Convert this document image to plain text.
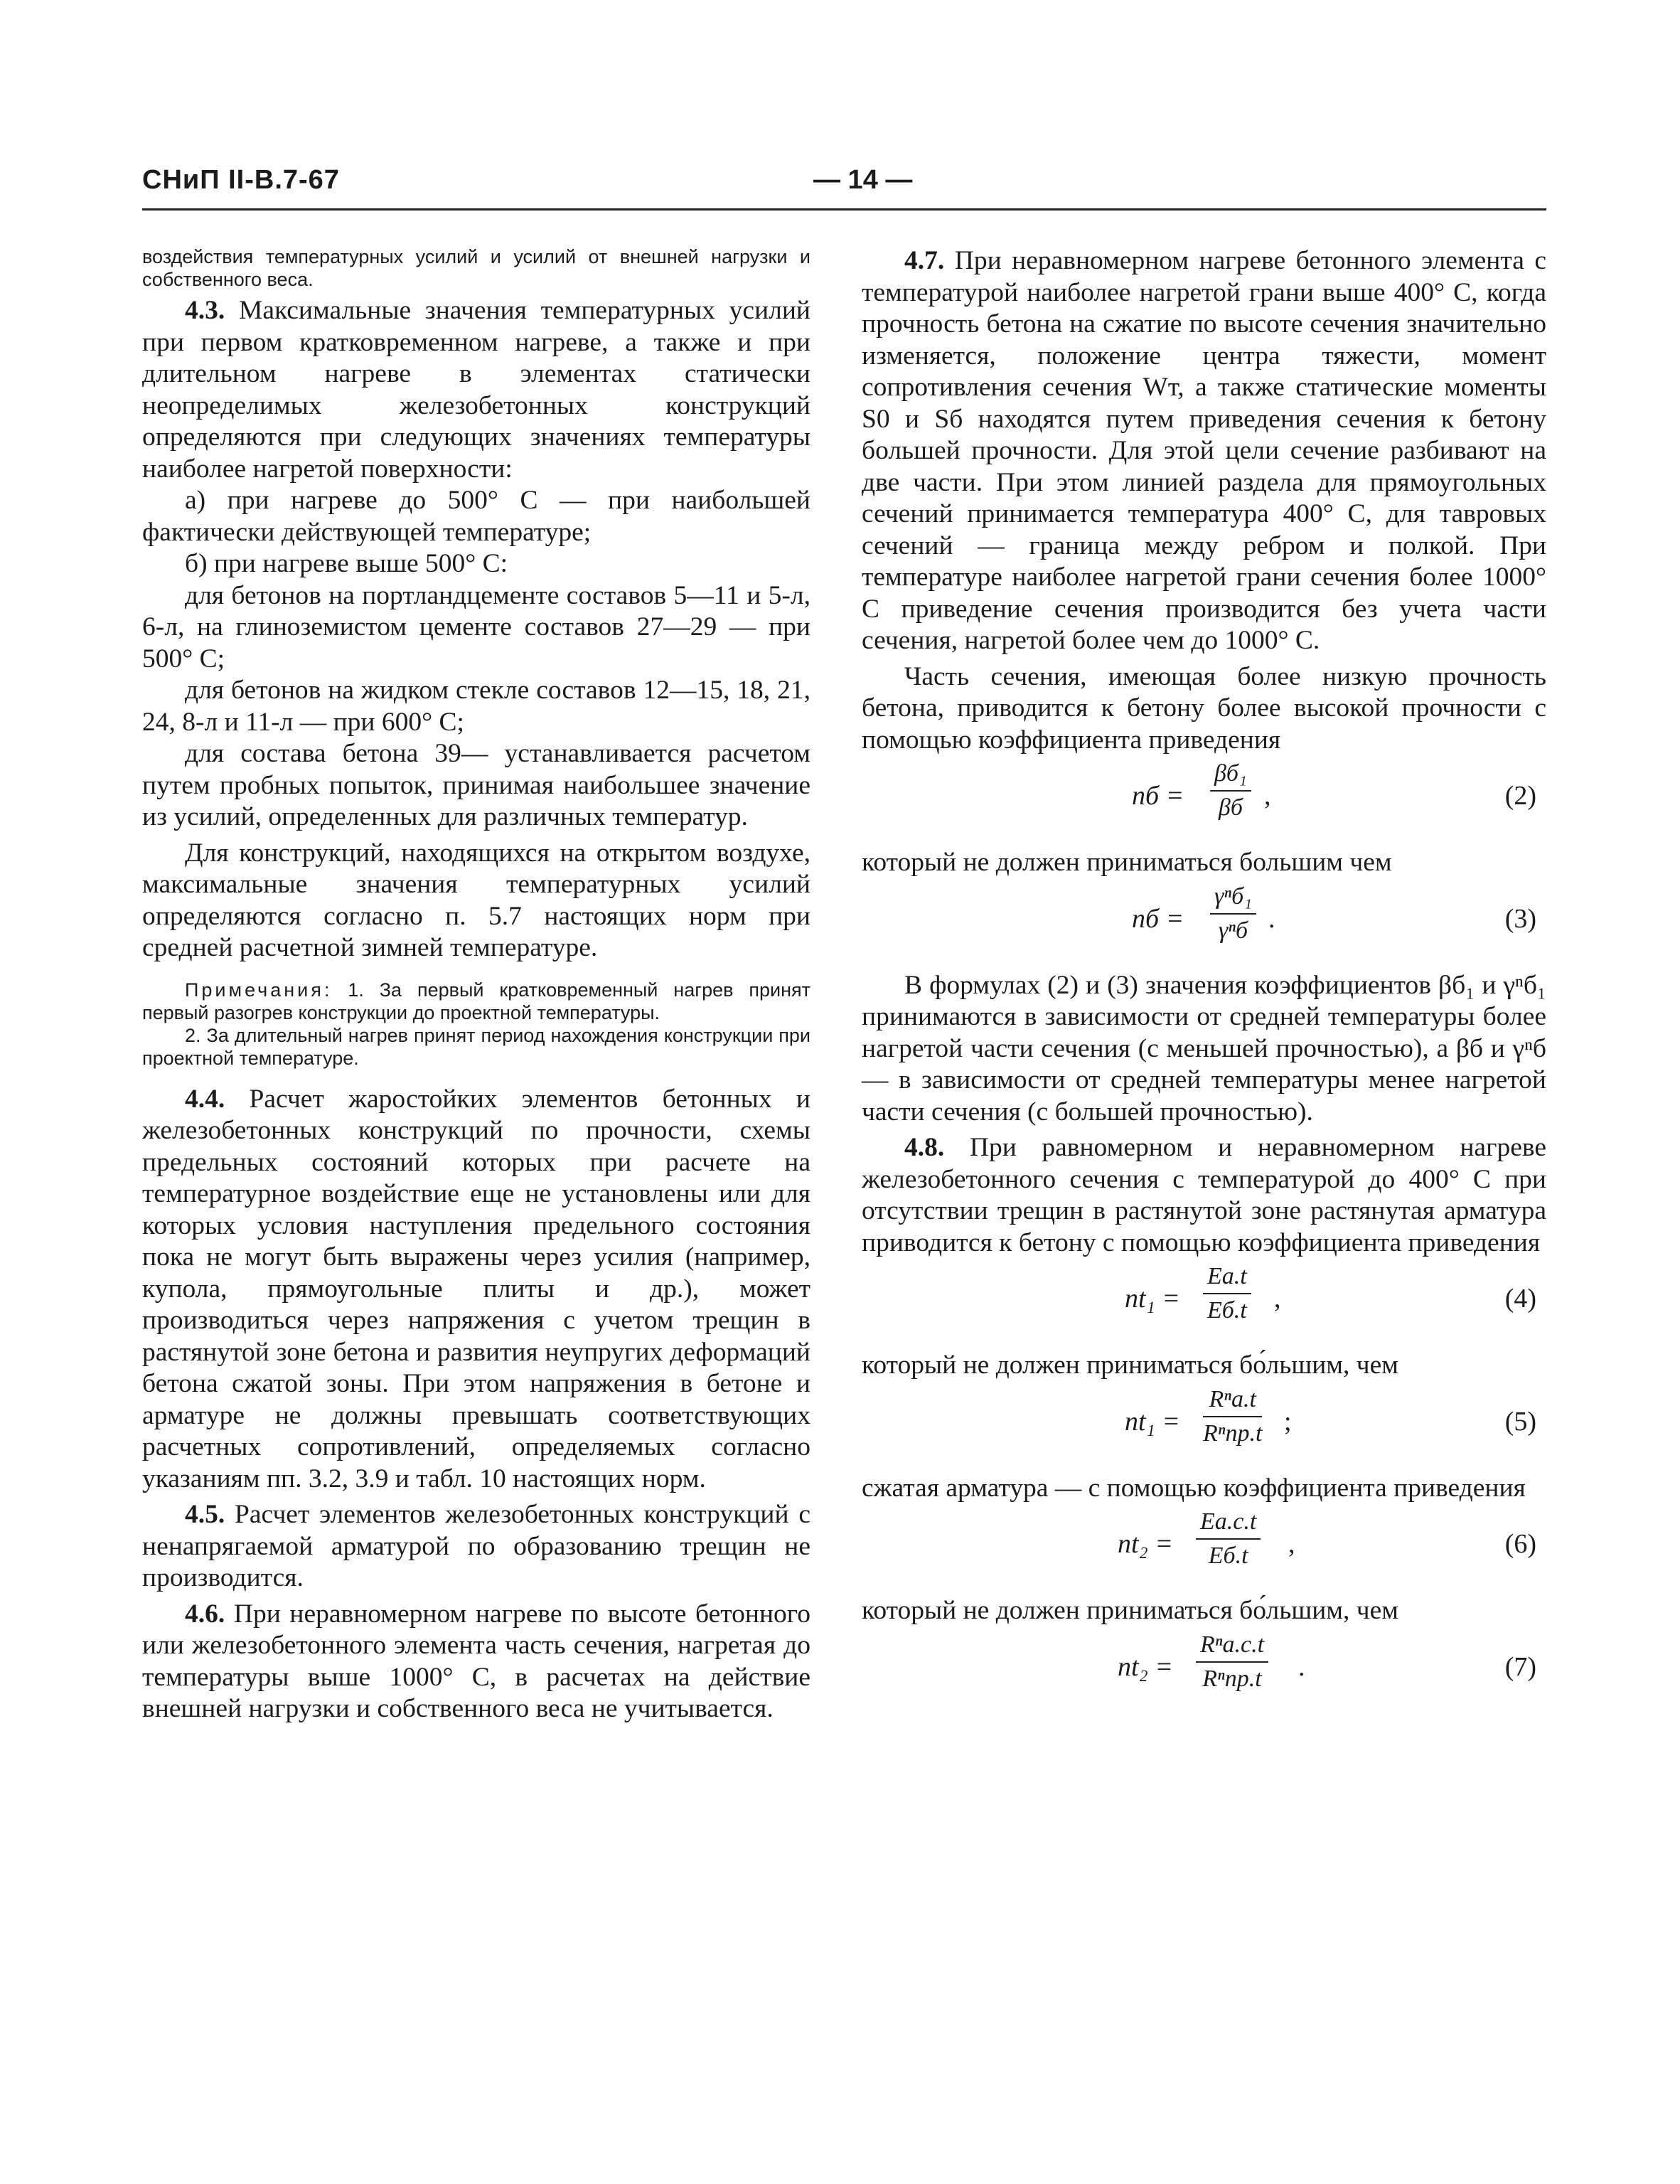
СНиП II-В.7-67	— 14 —

воздействия температурных усилий и усилий от внешней нагрузки и собственного веса.

4.3. Максимальные значения температурных усилий при первом кратковременном нагреве, а также и при длительном нагреве в элементах статически неопределимых железобетонных конструкций определяются при следующих значениях температуры наиболее нагретой поверхности:

а) при нагреве до 500° С — при наибольшей фактически действующей температуре;

б) при нагреве выше 500° С:

для бетонов на портландцементе составов 5—11 и 5-л, 6-л, на глиноземистом цементе составов 27—29 — при 500° С;

для бетонов на жидком стекле составов 12—15, 18, 21, 24, 8-л и 11-л — при 600° С;

для состава бетона 39— устанавливается расчетом путем пробных попыток, принимая наибольшее значение из усилий, определенных для различных температур.

Для конструкций, находящихся на открытом воздухе, максимальные значения температурных усилий определяются согласно п. 5.7 настоящих норм при средней расчетной зимней температуре.

Примечания: 1. За первый кратковременный нагрев принят первый разогрев конструкции до проектной температуры.

2. За длительный нагрев принят период нахождения конструкции при проектной температуре.

4.4. Расчет жаростойких элементов бетонных и железобетонных конструкций по прочности, схемы предельных состояний которых при расчете на температурное воздействие еще не установлены или для которых условия наступления предельного состояния пока не могут быть выражены через усилия (например, купола, прямоугольные плиты и др.), может производиться через напряжения с учетом трещин в растянутой зоне бетона и развития неупругих деформаций бетона сжатой зоны. При этом напряжения в бетоне и арматуре не должны превышать соответствующих расчетных сопротивлений, определяемых согласно указаниям пп. 3.2, 3.9 и табл. 10 настоящих норм.

4.5. Расчет элементов железобетонных конструкций с ненапрягаемой арматурой по образованию трещин не производится.

4.6. При неравномерном нагреве по высоте бетонного или железобетонного элемента часть сечения, нагретая до температуры выше 1000° С, в расчетах на действие внешней нагрузки и собственного веса не учитывается.

4.7. При неравномерном нагреве бетонного элемента с температурой наиболее нагретой грани выше 400° С, когда прочность бетона на сжатие по высоте сечения значительно изменяется, положение центра тяжести, момент сопротивления сечения Wт, а также статические моменты S0 и Sб находятся путем приведения сечения к бетону большей прочности. Для этой цели сечение разбивают на две части. При этом линией раздела для прямоугольных сечений принимается температура 400° С, для тавровых сечений — граница между ребром и полкой. При температуре наиболее нагретой грани сечения более 1000° С приведение сечения производится без учета части сечения, нагретой более чем до 1000° С.

Часть сечения, имеющая более низкую прочность бетона, приводится к бетону более высокой прочности с помощью коэффициента приведения

nб =
βб₁
βб ,	(2)

который не должен приниматься большим чем

nб =
γⁿб₁
γⁿб .	(3)

В формулах (2) и (3) значения коэффициентов βб₁ и γⁿб₁ принимаются в зависимости от средней температуры более нагретой части сечения (с меньшей прочностью), а βб и γⁿб — в зависимости от средней температуры менее нагретой части сечения (с большей прочностью).

4.8. При равномерном и неравномерном нагреве железобетонного сечения с температурой до 400° С при отсутствии трещин в растянутой зоне растянутая арматура приводится к бетону с помощью коэффициента приведения

nt₁ =
Eа.t
Eб.t ,	(4)

который не должен приниматься бо́льшим, чем

nt₁ =
Rⁿа.t
Rⁿпр.t ;	(5)

сжатая арматура — с помощью коэффициента приведения

nt₂ =
Eа.с.t
Eб.t	,	(6)

который не должен приниматься бо́льшим, чем

nt₂ =
Rⁿа.с.t
Rⁿпр.t .	(7)
